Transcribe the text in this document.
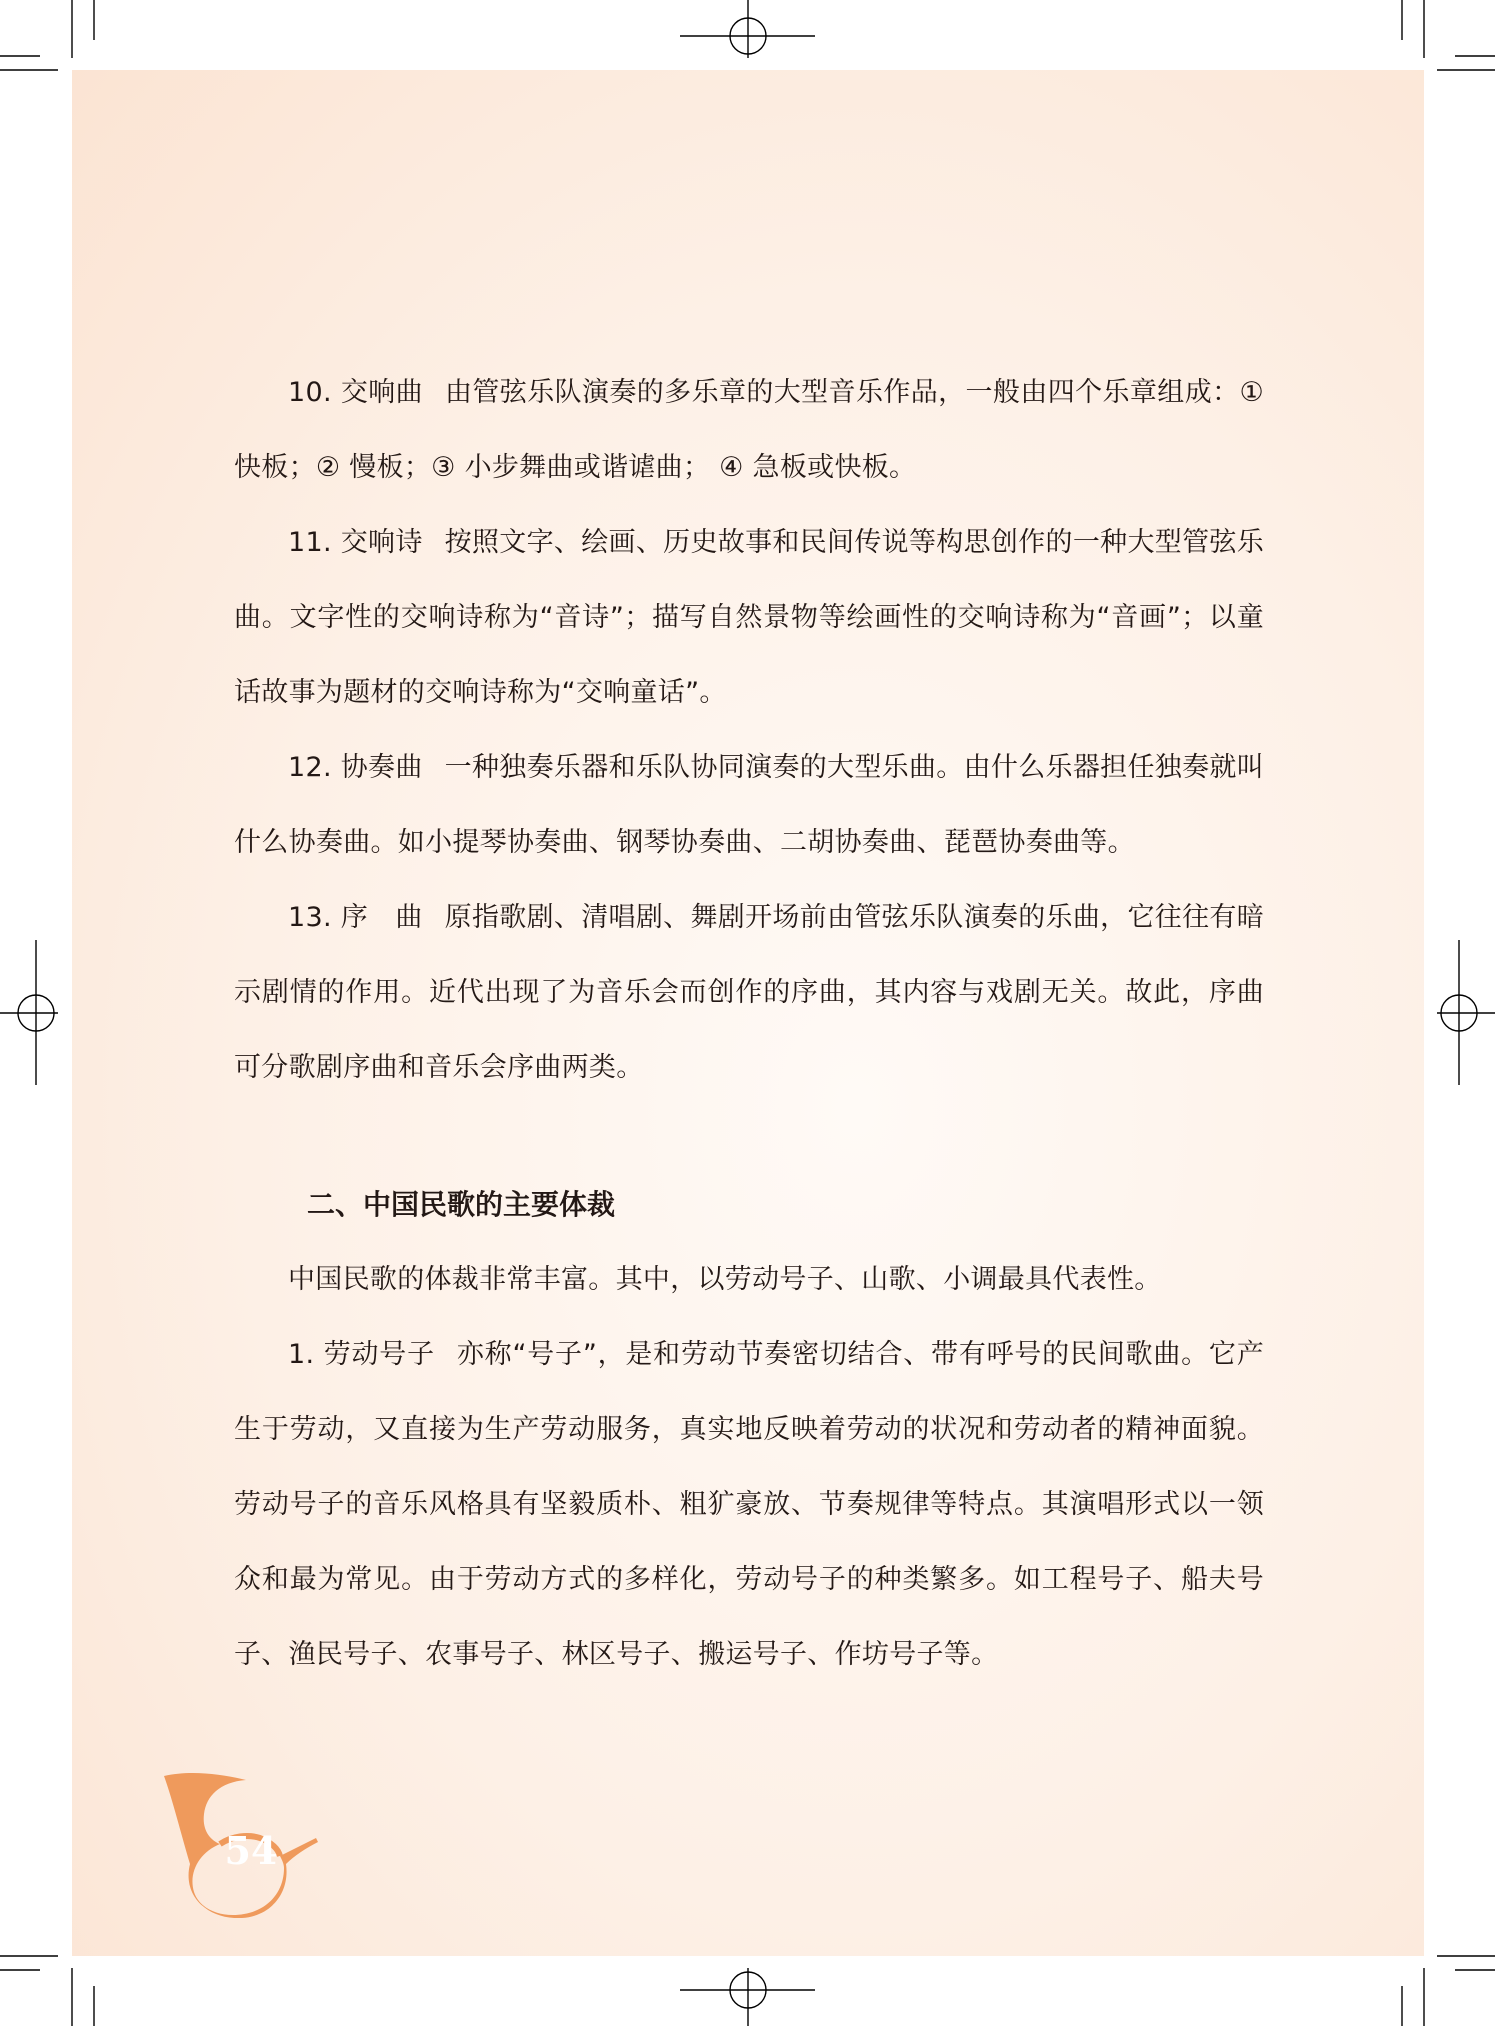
10. 交响曲 由管弦乐队演奏的多乐章的大型音乐作品，一般由四个乐章组成：① 快板；② 慢板；③ 小步舞曲或谐谑曲； ④ 急板或快板。

11. 交响诗 按照文字、绘画、历史故事和民间传说等构思创作的一种大型管弦乐曲。文字性的交响诗称为“音诗”；描写自然景物等绘画性的交响诗称为“音画”；以童话故事为题材的交响诗称为“交响童话”。

12. 协奏曲 一种独奏乐器和乐队协同演奏的大型乐曲。由什么乐器担任独奏就叫什么协奏曲。如小提琴协奏曲、钢琴协奏曲、二胡协奏曲、琵琶协奏曲等。

13. 序　曲 原指歌剧、清唱剧、舞剧开场前由管弦乐队演奏的乐曲，它往往有暗示剧情的作用。近代出现了为音乐会而创作的序曲，其内容与戏剧无关。故此，序曲可分歌剧序曲和音乐会序曲两类。

二、中国民歌的主要体裁

中国民歌的体裁非常丰富。其中，以劳动号子、山歌、小调最具代表性。

1. 劳动号子 亦称“号子”，是和劳动节奏密切结合、带有呼号的民间歌曲。它产生于劳动，又直接为生产劳动服务，真实地反映着劳动的状况和劳动者的精神面貌。劳动号子的音乐风格具有坚毅质朴、粗犷豪放、节奏规律等特点。其演唱形式以一领众和最为常见。由于劳动方式的多样化，劳动号子的种类繁多。如工程号子、船夫号子、渔民号子、农事号子、林区号子、搬运号子、作坊号子等。

54
